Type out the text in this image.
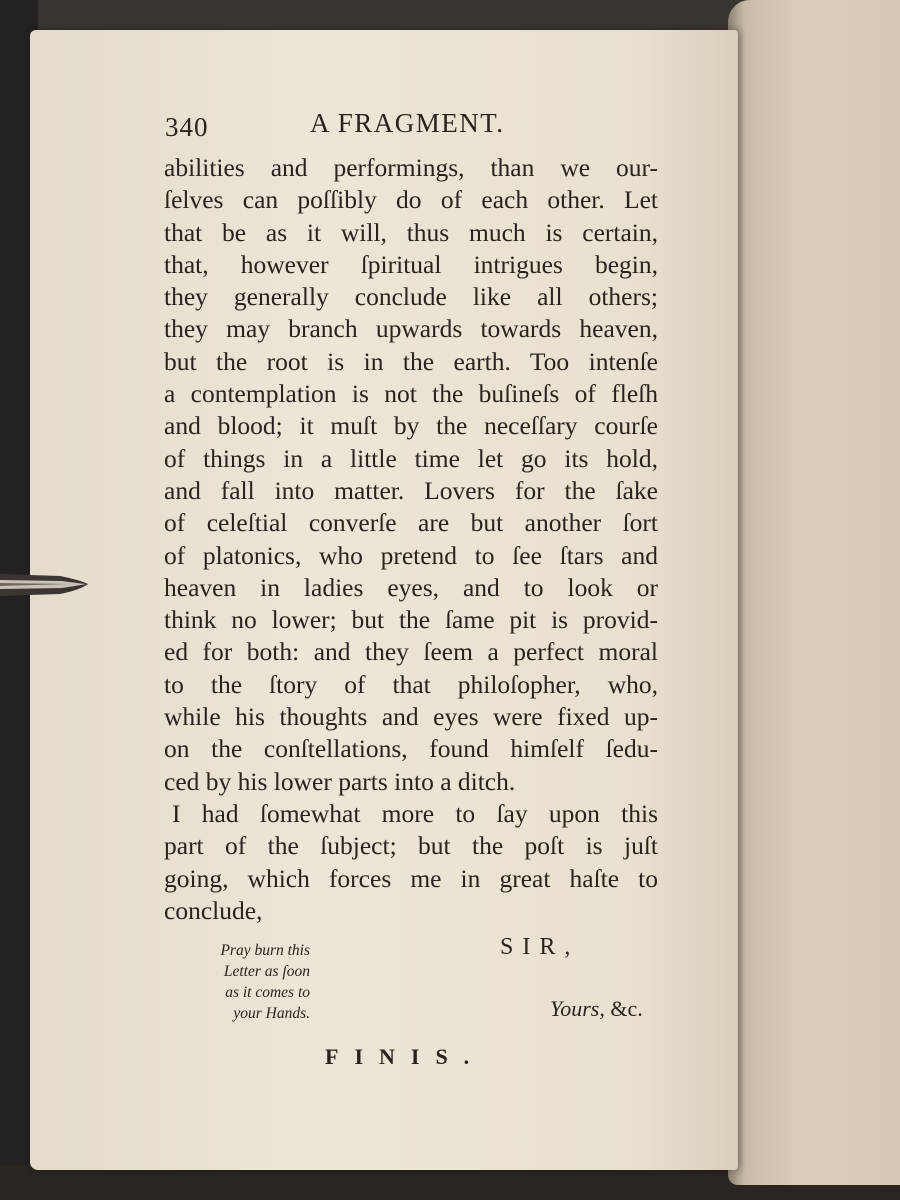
340	A FRAGMENT.
abilities and performings, than we our-
ſelves can poſſibly do of each other. Let
that be as it will, thus much is certain,
that, however ſpiritual intrigues begin,
they generally conclude like all others;
they may branch upwards towards heaven,
but the root is in the earth. Too intenſe
a contemplation is not the buſineſs of fleſh
and blood; it muſt by the neceſſary courſe
of things in a little time let go its hold,
and fall into matter. Lovers for the ſake
of celeſtial converſe are but another ſort
of platonics, who pretend to ſee ſtars and
heaven in ladies eyes, and to look or
think no lower; but the ſame pit is provid-
ed for both: and they ſeem a perfect moral
to the ſtory of that philoſopher, who,
while his thoughts and eyes were fixed up-
on the conſtellations, found himſelf ſedu-
ced by his lower parts into a ditch.
I had ſomewhat more to ſay upon this
part of the ſubject; but the poſt is juſt
going, which forces me in great haſte to
conclude,
Pray burn this
Letter as ſoon
as it comes to
your Hands.
SIR,
Yours, &c.
FINIS.
